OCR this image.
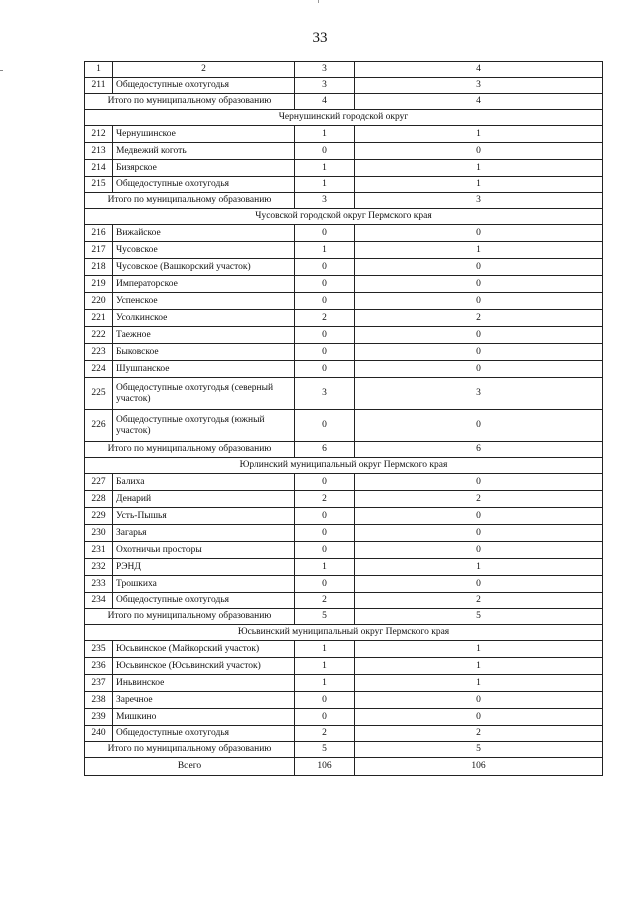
33
1	2	3	4
211	Общедоступные охотугодья	3	3
Итого по муниципальному образованию		4	4
Чернушинский городской округ			
212	Чернушинское	1	1
213	Медвежий коготь	0	0
214	Бизярское	1	1
215	Общедоступные охотугодья	1	1
Итого по муниципальному образованию		3	3
Чусовской городской округ Пермского края			
216	Вижайское	0	0
217	Чусовское	1	1
218	Чусовское (Вашкорский участок)	0	0
219	Императорское	0	0
220	Успенское	0	0
221	Усолкинское	2	2
222	Таежное	0	0
223	Быковское	0	0
224	Шушпанское	0	0
225	Общедоступные охотугодья (северный участок)	3	3
226	Общедоступные охотугодья (южный участок)	0	0
Итого по муниципальному образованию		6	6
Юрлинский муниципальный округ Пермского края			
227	Балиха	0	0
228	Денарий	2	2
229	Усть-Пышья	0	0
230	Загарья	0	0
231	Охотничьи просторы	0	0
232	РЭНД	1	1
233	Трошкиха	0	0
234	Общедоступные охотугодья	2	2
Итого по муниципальному образованию		5	5
Юсьвинский муниципальный округ Пермского края			
235	Юсьвинское (Майкорский участок)	1	1
236	Юсьвинское (Юсьвинский участок)	1	1
237	Иньвинское	1	1
238	Заречное	0	0
239	Мишкино	0	0
240	Общедоступные охотугодья	2	2
Итого по муниципальному образованию		5	5
Всего		106	106
